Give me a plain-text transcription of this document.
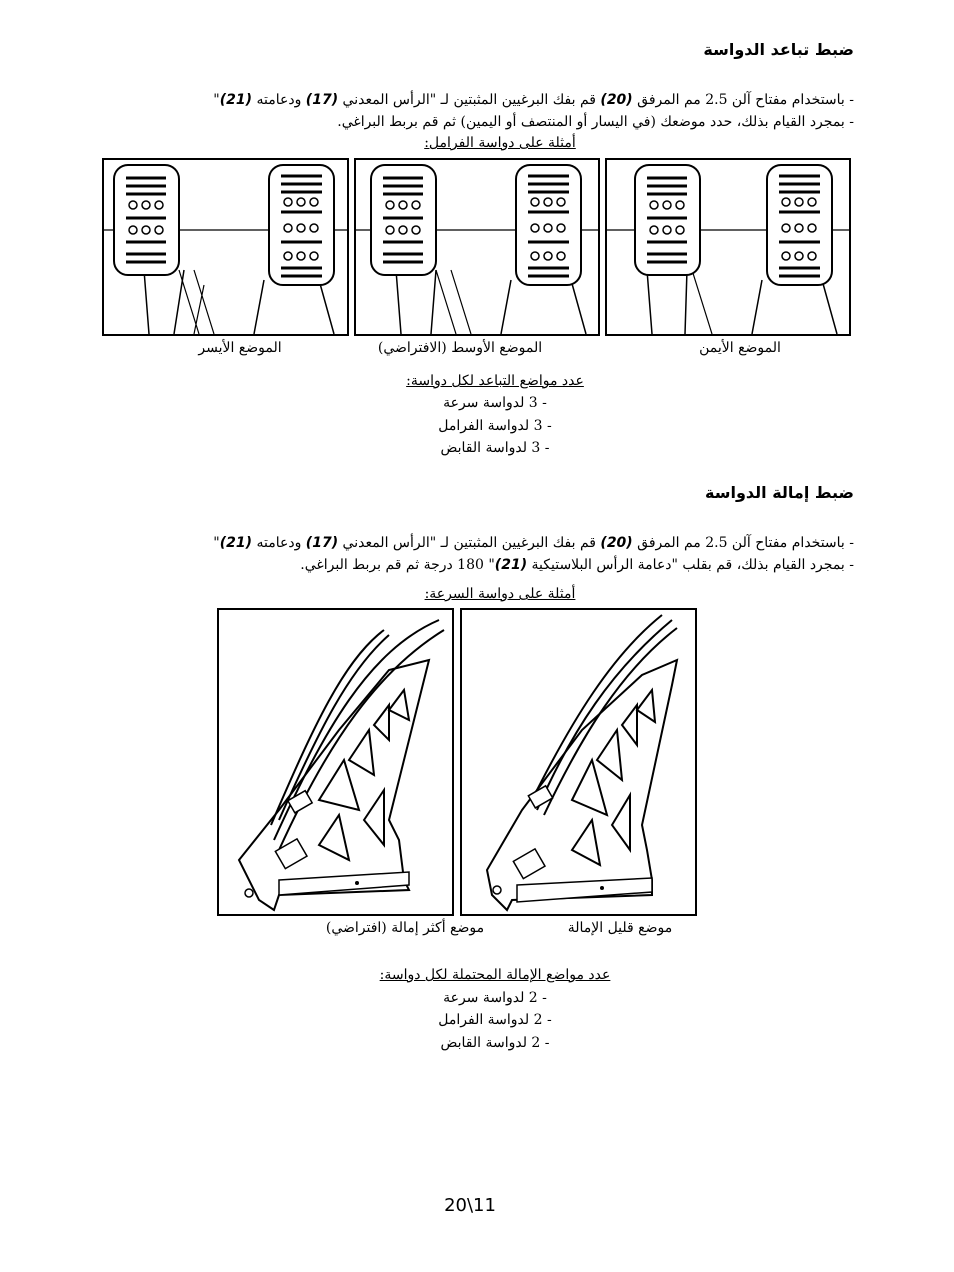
ضبط تباعد الدواسة
- باستخدام مفتاح آلن 2.5 مم المرفق (20) قم بفك البرغيين المثبتين لـ "الرأس المعدني (17) ودعامته (21)"
- بمجرد القيام بذلك، حدد موضعك (في اليسار أو المنتصف أو اليمين) ثم قم بربط البراغي.
أمثلة على دواسة الفرامل:
الموضع الأيسر	الموضع الأوسط (الافتراضي)	الموضع الأيمن
عدد مواضع التباعد لكل دواسة:
- 3 لدواسة سرعة
- 3 لدواسة الفرامل
- 3 لدواسة القابض
ضبط إمالة الدواسة
- باستخدام مفتاح آلن 2.5 مم المرفق (20) قم بفك البرغيين المثبتين لـ "الرأس المعدني (17) ودعامته (21)"
- بمجرد القيام بذلك، قم بقلب "دعامة الرأس البلاستيكية (21)" 180 درجة ثم قم بربط البراغي.
أمثلة على دواسة السرعة:
موضع أكثر إمالة (افتراضي)	موضع قليل الإمالة
عدد مواضع الإمالة المحتملة لكل دواسة:
- 2 لدواسة سرعة
- 2 لدواسة الفرامل
- 2 لدواسة القابض
20\11
